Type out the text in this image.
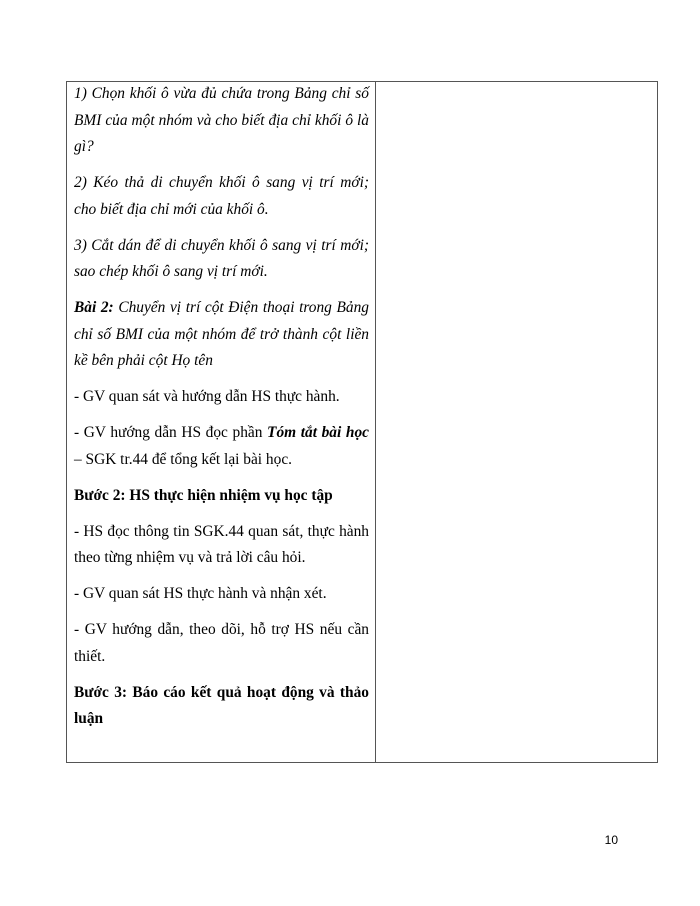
1) Chọn khối ô vừa đủ chứa trong Bảng chỉ số BMI của một nhóm và cho biết địa chỉ khối ô là gì?

2) Kéo thả di chuyển khối ô sang vị trí mới; cho biết địa chỉ mới của khối ô.

3) Cắt dán để di chuyển khối ô sang vị trí mới; sao chép khối ô sang vị trí mới.

Bài 2: Chuyển vị trí cột Điện thoại trong Bảng chỉ số BMI của một nhóm để trở thành cột liền kề bên phải cột Họ tên

- GV quan sát và hướng dẫn HS thực hành.

- GV hướng dẫn HS đọc phần Tóm tắt bài học – SGK tr.44 để tổng kết lại bài học.

Bước 2: HS thực hiện nhiệm vụ học tập

- HS đọc thông tin SGK.44 quan sát, thực hành theo từng nhiệm vụ và trả lời câu hỏi.

- GV quan sát HS thực hành và nhận xét.

- GV hướng dẫn, theo dõi, hỗ trợ HS nếu cần thiết.

Bước 3: Báo cáo kết quả hoạt động và thảo luận

10
